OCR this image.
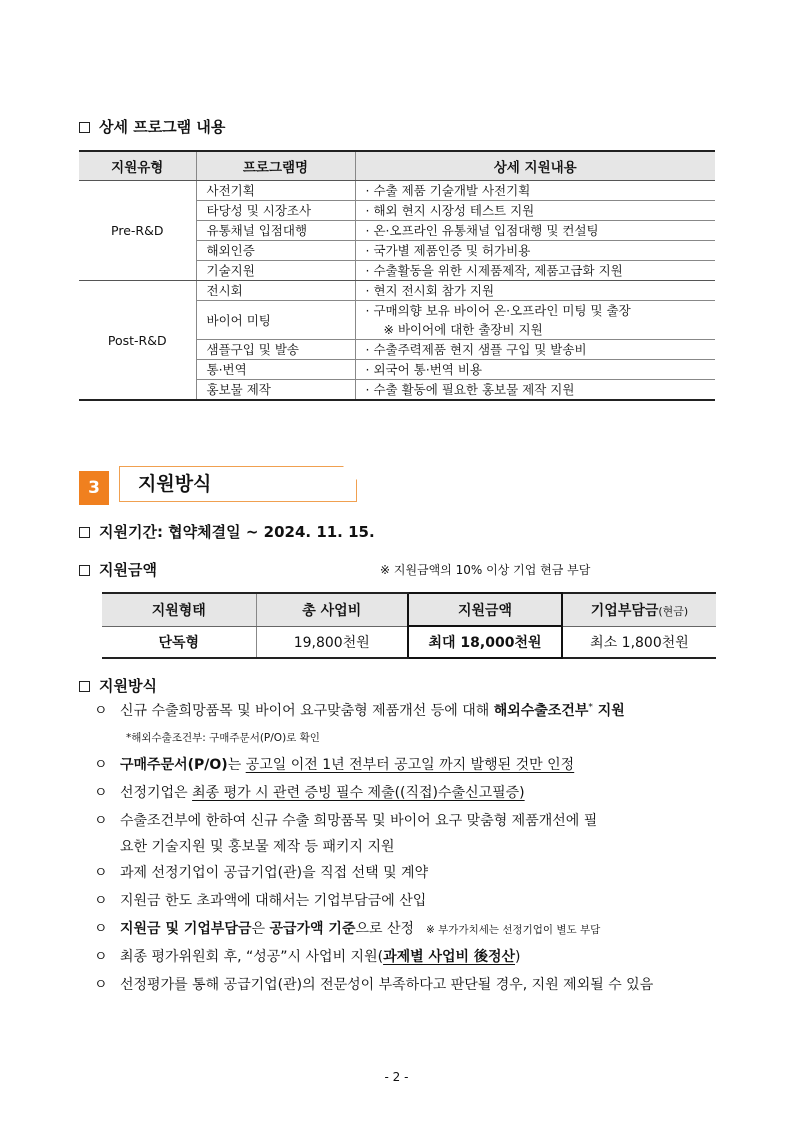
상세 프로그램 내용
지원유형	프로그램명	상세 지원내용
Pre-R&D	사전기획	· 수출 제품 기술개발 사전기획
	타당성 및 시장조사	· 해외 현지 시장성 테스트 지원
	유통채널 입점대행	· 온·오프라인 유통채널 입점대행 및 컨설팅
	해외인증	· 국가별 제품인증 및 허가비용
	기술지원	· 수출활동을 위한 시제품제작, 제품고급화 지원
Post-R&D	전시회	· 현지 전시회 참가 지원
	바이어 미팅	· 구매의향 보유 바이어 온·오프라인 미팅 및 출장
		※ 바이어에 대한 출장비 지원
	샘플구입 및 발송	· 수출주력제품 현지 샘플 구입 및 발송비
	통·번역	· 외국어 통·번역 비용
	홍보물 제작	· 수출 활동에 필요한 홍보물 제작 지원
3	지원방식
지원기간: 협약체결일 ~ 2024. 11. 15.
지원금액	※ 지원금액의 10% 이상 기업 현금 부담
지원형태	총 사업비	지원금액	기업부담금(현금)
단독형	19,800천원	최대 18,000천원	최소 1,800천원
지원방식
ㅇ 신규 수출희망품목 및 바이어 요구맞춤형 제품개선 등에 대해 해외수출조건부* 지원
*해외수출조건부: 구매주문서(P/O)로 확인
ㅇ 구매주문서(P/O)는 공고일 이전 1년 전부터 공고일 까지 발행된 것만 인정
ㅇ 선정기업은 최종 평가 시 관련 증빙 필수 제출((직접)수출신고필증)
ㅇ 수출조건부에 한하여 신규 수출 희망품목 및 바이어 요구 맞춤형 제품개선에 필
요한 기술지원 및 홍보물 제작 등 패키지 지원
ㅇ 과제 선정기업이 공급기업(관)을 직접 선택 및 계약
ㅇ 지원금 한도 초과액에 대해서는 기업부담금에 산입
ㅇ 지원금 및 기업부담금은 공급가액 기준으로 산정 ※ 부가가치세는 선정기업이 별도 부담
ㅇ 최종 평가위원회 후, “성공”시 사업비 지원(과제별 사업비 後정산)
ㅇ 선정평가를 통해 공급기업(관)의 전문성이 부족하다고 판단될 경우, 지원 제외될 수 있음
- 2 -
